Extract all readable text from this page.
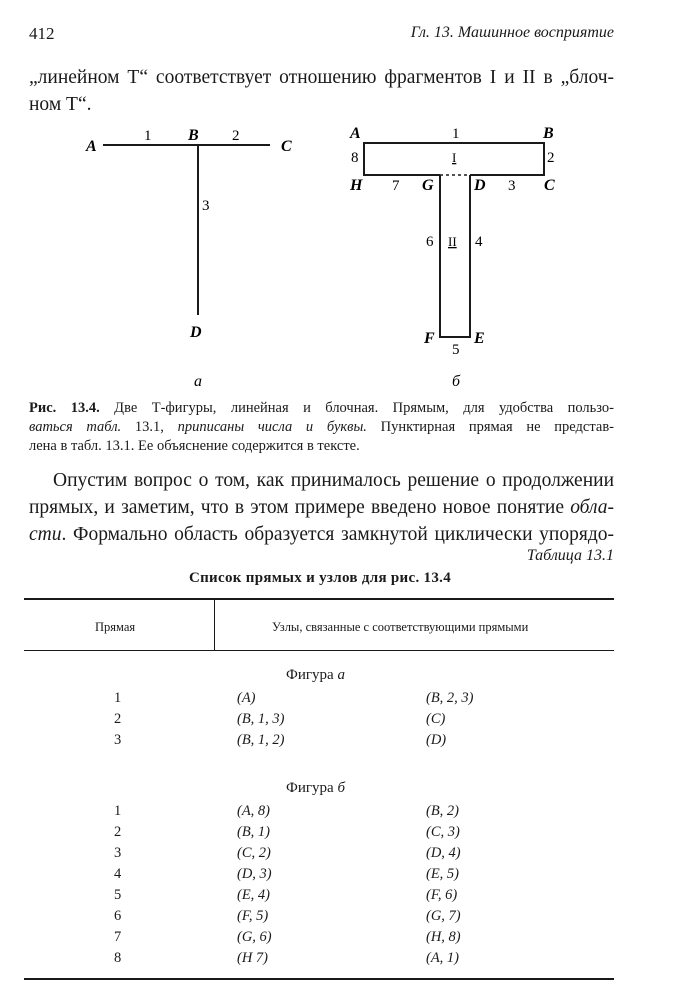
412	Гл. 13. Машинное восприятие
„линейном Т“ соответствует отношению фрагментов I и II в „блоч-
ном Т“.
A
B
C
D
1	2
3
а
A	B
C
D
E
F
G
H
1
2
3
4
5
6
7
8	I
II
б
Рис. 13.4. Две Т-фигуры, линейная и блочная. Прямым, для удобства пользо-
ваться табл. 13.1, приписаны числа и буквы. Пунктирная прямая не представ-
лена в табл. 13.1. Ее объяснение содержится в тексте.
Опустим вопрос о том, как принималось решение о продолжении
прямых, и заметим, что в этом примере введено новое понятие обла-
сти. Формально область образуется замкнутой циклически упорядо-
Таблица 13.1
Список прямых и узлов для рис. 13.4
Прямая	Узлы, связанные с соответствующими прямыми
Фигура а
1	(A)	(B, 2, 3)
2	(B, 1, 3)	(C)
3	(B, 1, 2)	(D)
Фигура б
1	(A, 8)	(B, 2)
2	(B, 1)	(C, 3)
3	(C, 2)	(D, 4)
4	(D, 3)	(E, 5)
5	(E, 4)	(F, 6)
6	(F, 5)	(G, 7)
7	(G, 6)	(H, 8)
8	(H 7)	(A, 1)
